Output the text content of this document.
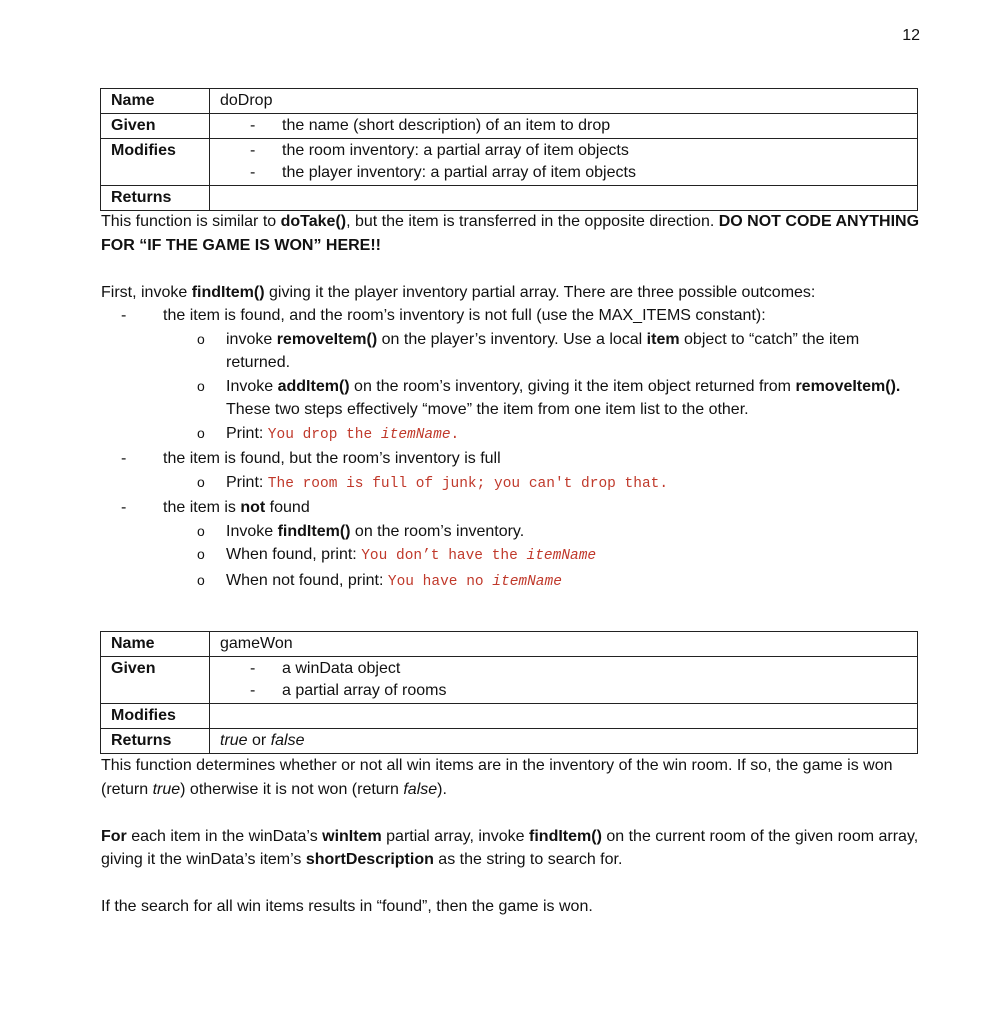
12
Name	doDrop
Given	- the name (short description) of an item to drop

Modifies	- the room inventory: a partial array of item objects
- the player inventory: a partial array of item objects

Returns	
This function is similar to doTake(), but the item is transferred in the opposite direction. DO NOT CODE ANYTHING FOR “IF THE GAME IS WON” HERE!!
First, invoke findItem() giving it the player inventory partial array. There are three possible outcomes:
- the item is found, and the room’s inventory is not full (use the MAX_ITEMS constant):
o invoke removeItem() on the player’s inventory. Use a local item object to “catch” the item returned.
o Invoke addItem() on the room’s inventory, giving it the item object returned from removeItem(). These two steps effectively “move” the item from one item list to the other.
o Print: You drop the itemName.
- the item is found, but the room’s inventory is full
o Print: The room is full of junk; you can't drop that.
- the item is not found
o Invoke findItem() on the room’s inventory.
o When found, print: You don’t have the itemName
o When not found, print: You have no itemName
Name	gameWon
Given	- a winData object
- a partial array of rooms

Modifies	
Returns	true or false
This function determines whether or not all win items are in the inventory of the win room. If so, the game is won (return true) otherwise it is not won (return false).
For each item in the winData’s winItem partial array, invoke findItem() on the current room of the given room array, giving it the winData’s item’s shortDescription as the string to search for.
If the search for all win items results in “found”, then the game is won.
